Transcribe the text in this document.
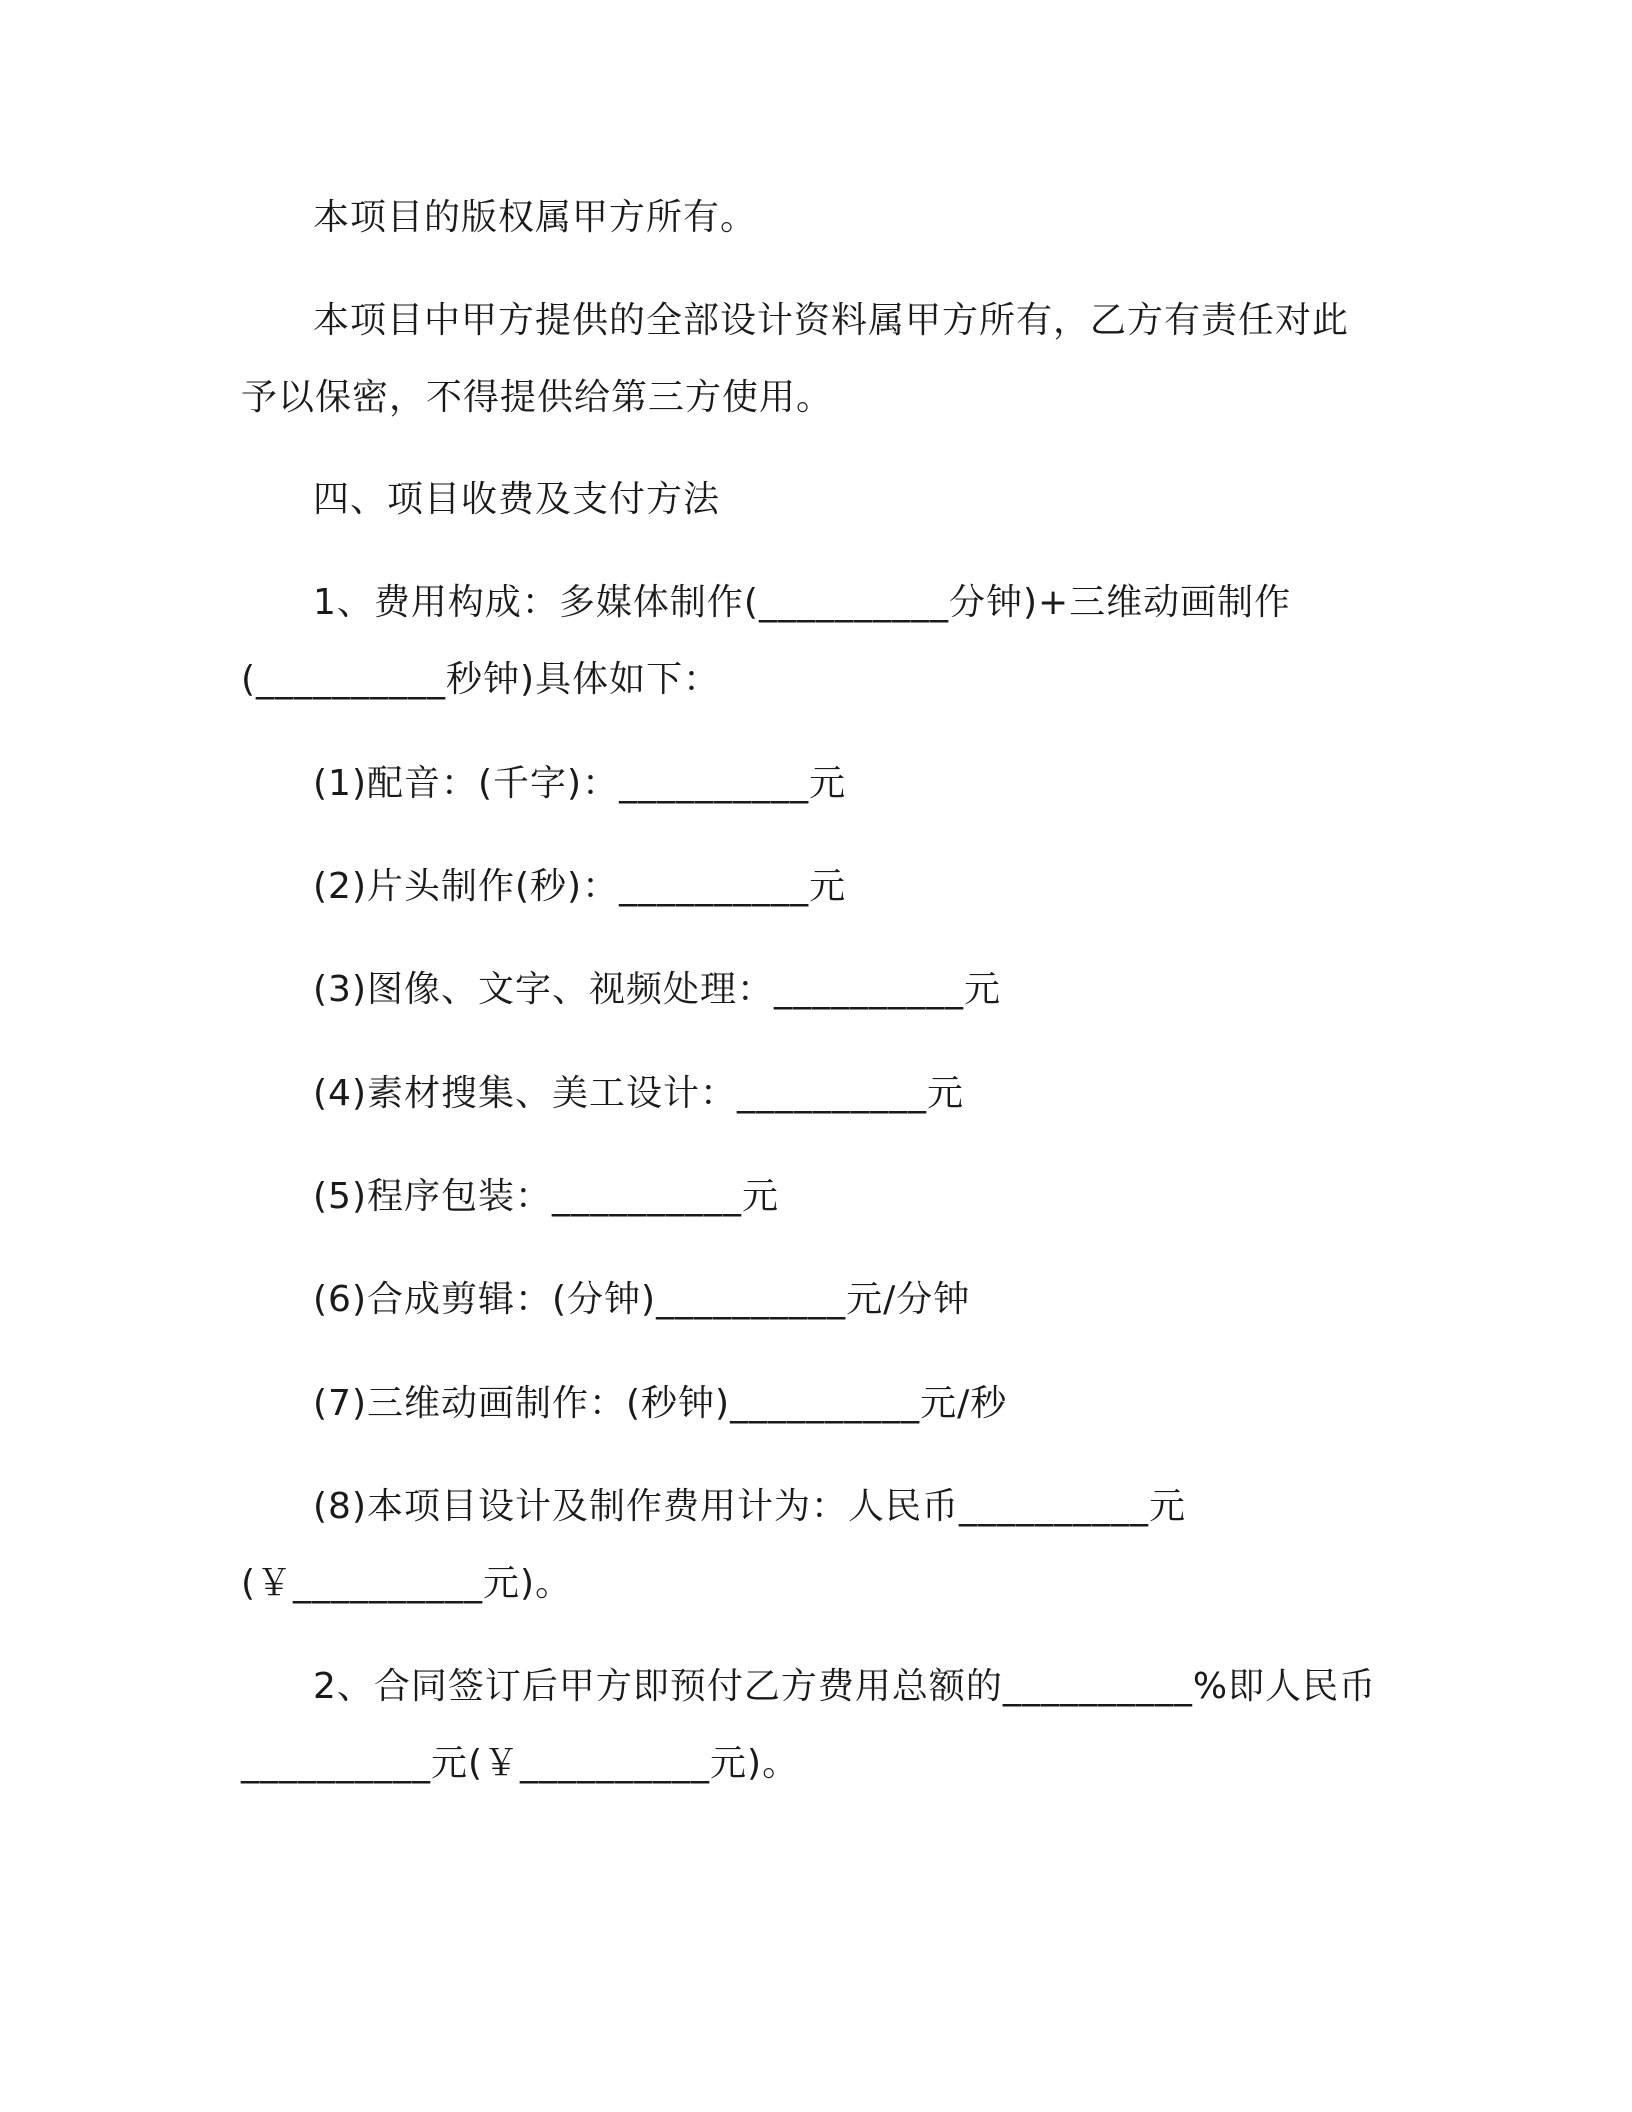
本项目的版权属甲方所有。
本项目中甲方提供的全部设计资料属甲方所有，乙方有责任对此
予以保密，不得提供给第三方使用。
四、项目收费及支付方法
1、费用构成：多媒体制作(__________分钟)+三维动画制作
(__________秒钟)具体如下：
(1)配音：(千字)：__________元
(2)片头制作(秒)：__________元
(3)图像、文字、视频处理：__________元
(4)素材搜集、美工设计：__________元
(5)程序包装：__________元
(6)合成剪辑：(分钟)__________元/分钟
(7)三维动画制作：(秒钟)__________元/秒
(8)本项目设计及制作费用计为：人民币__________元
(￥__________元)。
2、合同签订后甲方即预付乙方费用总额的__________%即人民币
__________元(￥__________元)。
